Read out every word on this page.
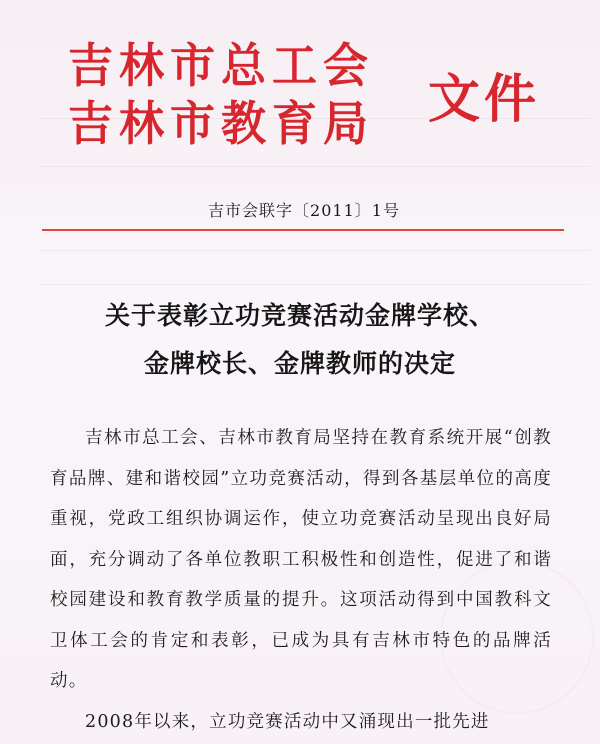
吉林市总工会
吉林市教育局	文件
吉市会联字〔2011〕1号
关于表彰立功竞赛活动金牌学校、
金牌校长、金牌教师的决定

吉林市总工会、吉林市教育局坚持在教育系统开展“创教育品牌、建和谐校园”立功竞赛活动，得到各基层单位的高度重视，党政工组织协调运作，使立功竞赛活动呈现出良好局面，充分调动了各单位教职工积极性和创造性，促进了和谐校园建设和教育教学质量的提升。这项活动得到中国教科文卫体工会的肯定和表彰，已成为具有吉林市特色的品牌活动。

2008年以来，立功竞赛活动中又涌现出一批先进
